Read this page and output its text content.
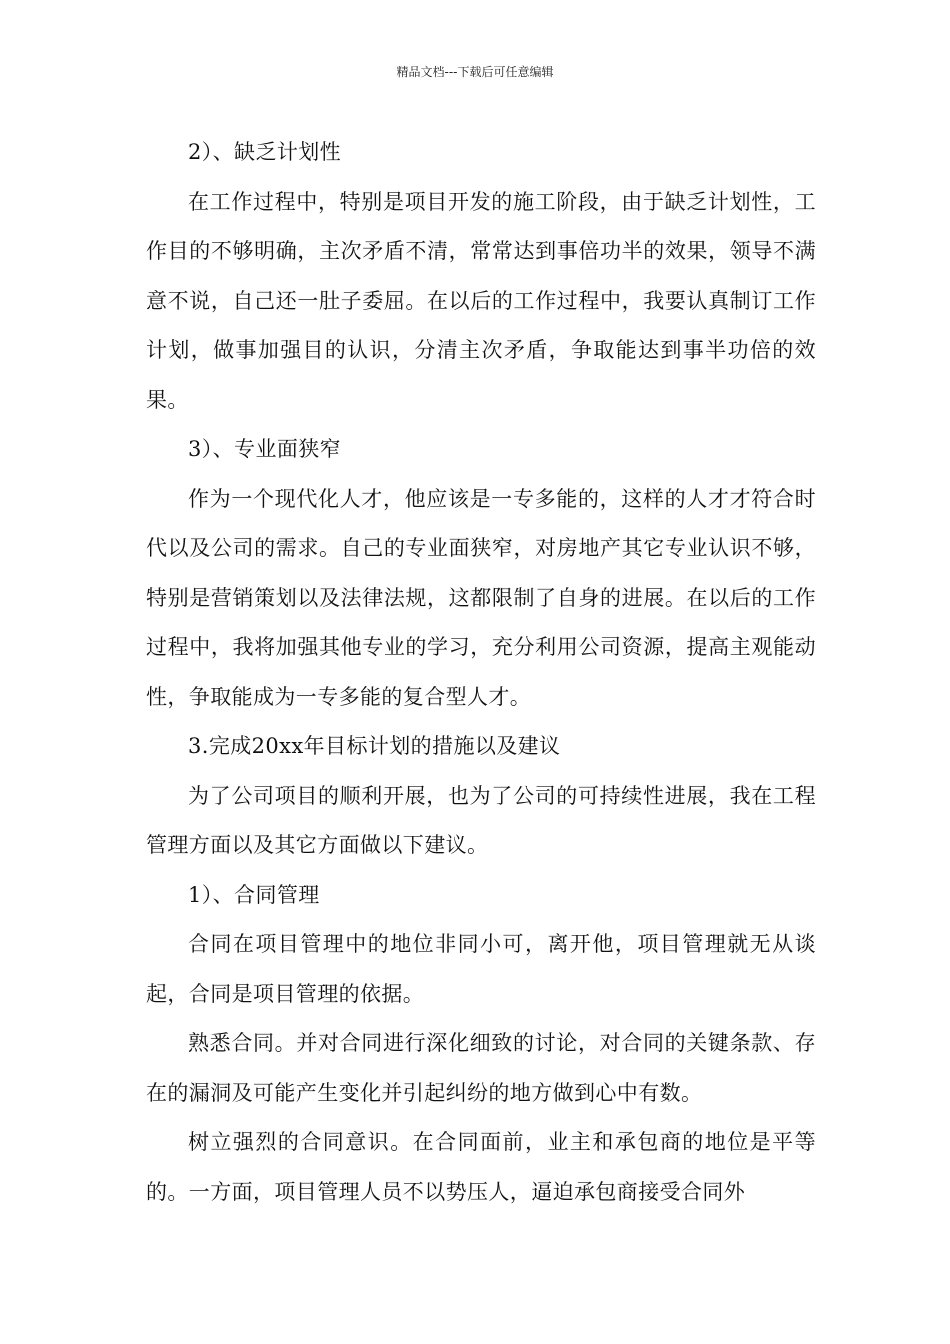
精品文档---下载后可任意编辑

2）、缺乏计划性

在工作过程中，特别是项目开发的施工阶段，由于缺乏计划性，工作目的不够明确，主次矛盾不清，常常达到事倍功半的效果，领导不满意不说，自己还一肚子委屈。在以后的工作过程中，我要认真制订工作计划，做事加强目的认识，分清主次矛盾，争取能达到事半功倍的效果。

3）、专业面狭窄

作为一个现代化人才，他应该是一专多能的，这样的人才才符合时代以及公司的需求。自己的专业面狭窄，对房地产其它专业认识不够，特别是营销策划以及法律法规，这都限制了自身的进展。在以后的工作过程中，我将加强其他专业的学习，充分利用公司资源，提高主观能动性，争取能成为一专多能的复合型人才。

3.完成20xx年目标计划的措施以及建议

为了公司项目的顺利开展，也为了公司的可持续性进展，我在工程管理方面以及其它方面做以下建议。

1）、合同管理

合同在项目管理中的地位非同小可，离开他，项目管理就无从谈起，合同是项目管理的依据。

熟悉合同。并对合同进行深化细致的讨论，对合同的关键条款、存在的漏洞及可能产生变化并引起纠纷的地方做到心中有数。

树立强烈的合同意识。在合同面前，业主和承包商的地位是平等的。一方面，项目管理人员不以势压人，逼迫承包商接受合同外
